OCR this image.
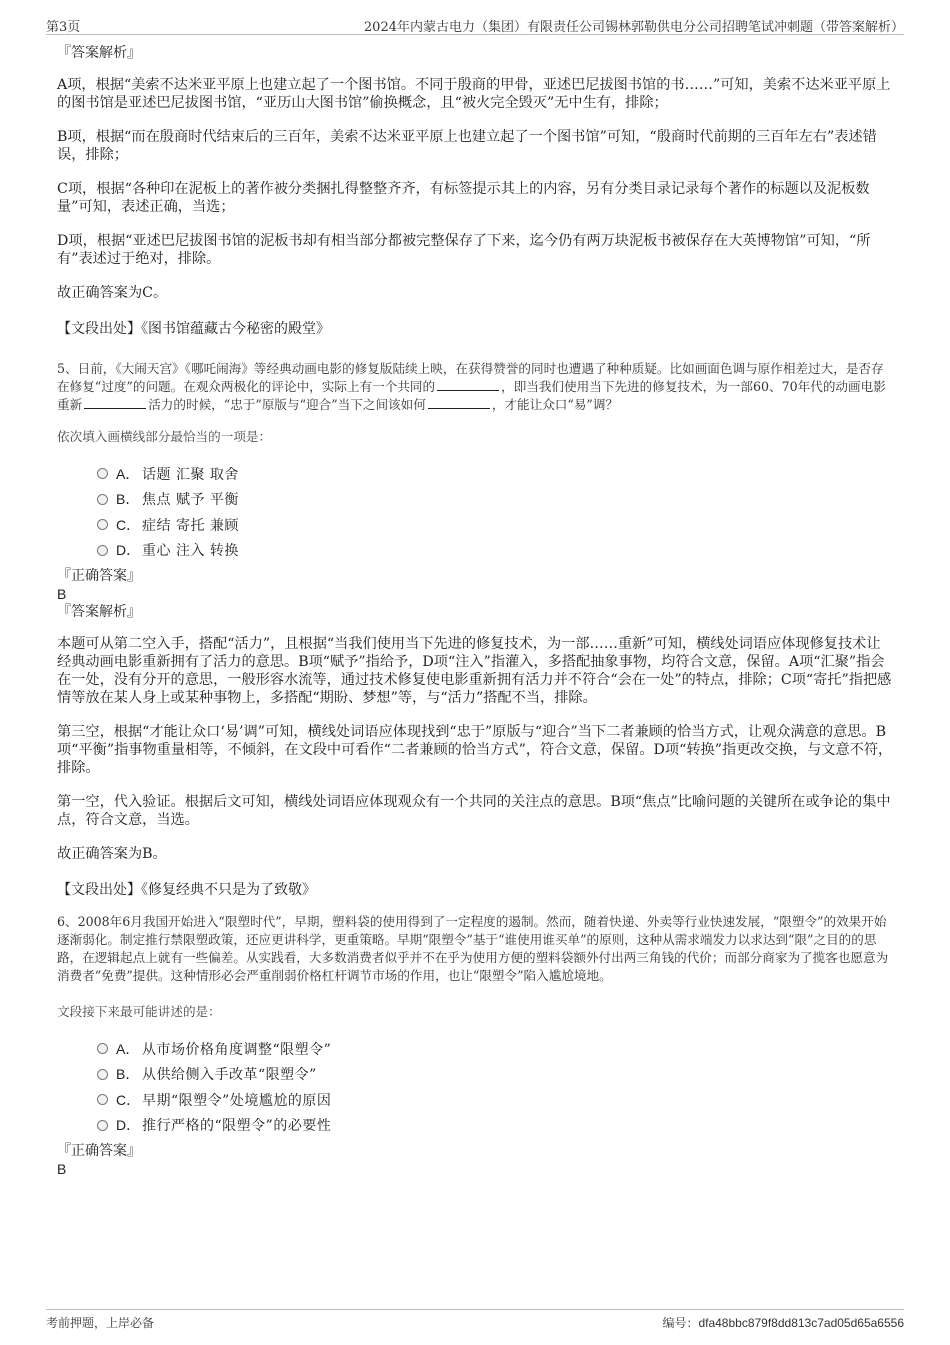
第3页	2024年内蒙古电力（集团）有限责任公司锡林郭勒供电分公司招聘笔试冲刺题（带答案解析）

『答案解析』

A项，根据“美索不达米亚平原上也建立起了一个图书馆。不同于殷商的甲骨，亚述巴尼拔图书馆的书……”可知，美索不达米亚平原上的图书馆是亚述巴尼拔图书馆，“亚历山大图书馆”偷换概念，且“被火完全毁灭”无中生有，排除；

B项，根据“而在殷商时代结束后的三百年，美索不达米亚平原上也建立起了一个图书馆”可知，“殷商时代前期的三百年左右”表述错误，排除；

C项，根据“各种印在泥板上的著作被分类捆扎得整整齐齐，有标签提示其上的内容，另有分类目录记录每个著作的标题以及泥板数量”可知，表述正确，当选；

D项，根据“亚述巴尼拔图书馆的泥板书却有相当部分都被完整保存了下来，迄今仍有两万块泥板书被保存在大英博物馆”可知，“所有”表述过于绝对，排除。

故正确答案为C。

【文段出处】《图书馆蕴藏古今秘密的殿堂》

5、日前，《大闹天宫》《哪吒闹海》等经典动画电影的修复版陆续上映，在获得赞誉的同时也遭遇了种种质疑。比如画面色调与原作相差过大，是否存在修复“过度”的问题。在观众两极化的评论中，实际上有一个共同的	，即当我们使用当下先进的修复技术，为一部60、70年代的动画电影重新	活力的时候，“忠于”原版与“迎合”当下之间该如何	，才能让众口“易”调？

依次填入画横线部分最恰当的一项是：

A． 话题 汇聚 取舍
B． 焦点 赋予 平衡
C． 症结 寄托 兼顾
D． 重心 注入 转换

『正确答案』

B

『答案解析』

本题可从第二空入手，搭配“活力”，且根据“当我们使用当下先进的修复技术，为一部……重新”可知，横线处词语应体现修复技术让经典动画电影重新拥有了活力的意思。B项“赋予”指给予，D项“注入”指灌入，多搭配抽象事物，均符合文意，保留。A项“汇聚”指会在一处，没有分开的意思，一般形容水流等，通过技术修复使电影重新拥有活力并不符合“会在一处”的特点，排除；C项“寄托”指把感情等放在某人身上或某种事物上，多搭配“期盼、梦想”等，与“活力”搭配不当，排除。

第三空，根据“才能让众口‘易’调”可知，横线处词语应体现找到“忠于”原版与“迎合”当下二者兼顾的恰当方式，让观众满意的意思。B项“平衡”指事物重量相等，不倾斜，在文段中可看作“二者兼顾的恰当方式”，符合文意，保留。D项“转换”指更改交换，与文意不符，排除。

第一空，代入验证。根据后文可知，横线处词语应体现观众有一个共同的关注点的意思。B项“焦点”比喻问题的关键所在或争论的集中点，符合文意，当选。

故正确答案为B。

【文段出处】《修复经典不只是为了致敬》

6、2008年6月我国开始进入“限塑时代”，早期，塑料袋的使用得到了一定程度的遏制。然而，随着快递、外卖等行业快速发展，“限塑令”的效果开始逐渐弱化。制定推行禁限塑政策，还应更讲科学，更重策略。早期“限塑令”基于“谁使用谁买单”的原则，这种从需求端发力以求达到“限”之目的的思路，在逻辑起点上就有一些偏差。从实践看，大多数消费者似乎并不在乎为使用方便的塑料袋额外付出两三角钱的代价；而部分商家为了揽客也愿意为消费者“免费”提供。这种情形必会严重削弱价格杠杆调节市场的作用，也让“限塑令”陷入尴尬境地。

文段接下来最可能讲述的是：

A． 从市场价格角度调整“限塑令”
B． 从供给侧入手改革“限塑令”
C． 早期“限塑令”处境尴尬的原因
D． 推行严格的“限塑令”的必要性

『正确答案』

B

考前押题，上岸必备	编号：dfa48bbc879f8dd813c7ad05d65a6556
